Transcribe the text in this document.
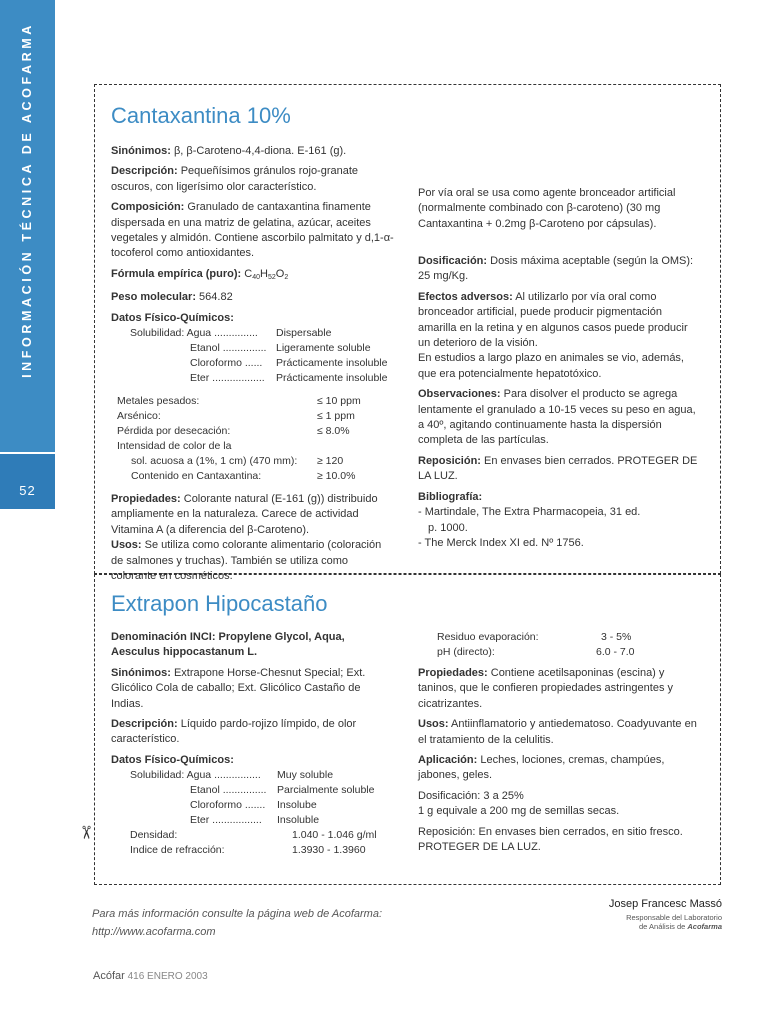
INFORMACIÓN TÉCNICA DE ACOFARMA
52
Cantaxantina 10%

Sinónimos: β, β-Caroteno-4,4-diona. E-161 (g).

Descripción: Pequeñísimos gránulos rojo-granate oscuros, con ligerísimo olor característico.

Composición: Granulado de cantaxantina finamente dispersada en una matriz de gelatina, azúcar, aceites vegetales y almidón. Contiene ascorbilo palmitato y d,1-α-tocoferol como antioxidantes.

Fórmula empírica (puro): $C_{40}H_{52}O_2$

Peso molecular: 564.82

Datos Físico-Químicos:
Solubilidad: Agua ............... Dispersable
Etanol ............... Ligeramente soluble
Cloroformo ...... Prácticamente insoluble
Eter .................. Prácticamente insoluble
Metales pesados:	≤ 10 ppm
Arsénico:	≤ 1 ppm
Pérdida por desecación:	≤ 8.0%
Intensidad de color de la
sol. acuosa a (1%, 1 cm) (470 mm): ≥ 120
Contenido en Cantaxantina:	≥ 10.0%

Propiedades: Colorante natural (E-161 (g)) distribuido ampliamente en la naturaleza. Carece de actividad Vitamina A (a diferencia del β-Caroteno).

Usos: Se utiliza como colorante alimentario (coloración de salmones y truchas). También se utiliza como colorante en cosméticos.

Por vía oral se usa como agente bronceador artificial (normalmente combinado con β-caroteno) (30 mg Cantaxantina + 0.2mg β-Caroteno por cápsulas).

Dosificación: Dosis máxima aceptable (según la OMS): 25 mg/Kg.

Efectos adversos: Al utilizarlo por vía oral como bronceador artificial, puede producir pigmentación amarilla en la retina y en algunos casos puede producir un deterioro de la visión.

En estudios a largo plazo en animales se vio, además, que era potencialmente hepatotóxico.

Observaciones: Para disolver el producto se agrega lentamente el granulado a 10-15 veces su peso en agua, a 40º, agitando continuamente hasta la dispersión completa de las partículas.

Reposición: En envases bien cerrados. PROTEGER DE LA LUZ.

Bibliografía:
- Martindale, The Extra Pharmacopeia, 31 ed.
p. 1000.
- The Merck Index XI ed. Nº 1756.
Extrapon Hipocastaño

Denominación INCI: Propylene Glycol, Aqua, Aesculus hippocastanum L.

Sinónimos: Extrapone Horse-Chesnut Special; Ext. Glicólico Cola de caballo; Ext. Glicólico Castaño de Indias.

Descripción: Líquido pardo-rojizo límpido, de olor característico.

Datos Físico-Químicos:
Solubilidad: Agua ................ Muy soluble
Etanol ............... Parcialmente soluble
Cloroformo ....... Insolube
Eter ................. Insoluble
Densidad:	1.040 - 1.046 g/ml
Indice de refracción:	1.3930 - 1.3960
Residuo evaporación:	3 - 5%
pH (directo):	6.0 - 7.0

Propiedades: Contiene acetilsaponinas (escina) y taninos, que le confieren propiedades astringentes y cicatrizantes.

Usos: Antiinflamatorio y antiedematoso. Coadyuvante en el tratamiento de la celulitis.

Aplicación: Leches, lociones, cremas, champúes, jabones, geles.

Dosificación: 3 a 25%

1 g equivale a 200 mg de semillas secas.

Reposición: En envases bien cerrados, en sitio fresco. PROTEGER DE LA LUZ.

✂
Para más información consulte la página web de Acofarma:
http://www.acofarma.com
Josep Francesc Massó
Responsable del Laboratorio
de Análisis de Acofarma
Acófar 416 ENERO 2003
